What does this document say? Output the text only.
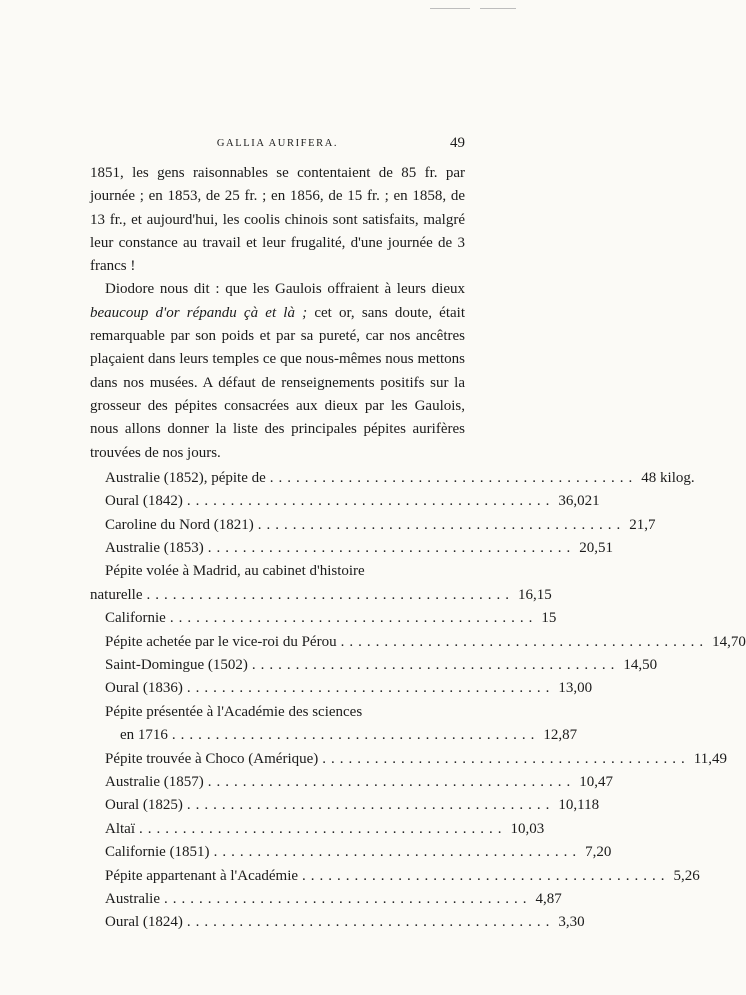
GALLIA AURIFERA.	49

1851, les gens raisonnables se contentaient de 85 fr. par journée ; en 1853, de 25 fr. ; en 1856, de 15 fr. ; en 1858, de 13 fr., et aujourd'hui, les coolis chinois sont satisfaits, malgré leur constance au travail et leur frugalité, d'une journée de 3 francs !

Diodore nous dit : que les Gaulois offraient à leurs dieux beaucoup d'or répandu çà et là ; cet or, sans doute, était remarquable par son poids et par sa pureté, car nos ancêtres plaçaient dans leurs temples ce que nous-mêmes nous mettons dans nos musées. A défaut de renseignements positifs sur la grosseur des pépites consacrées aux dieux par les Gaulois, nous allons donner la liste des principales pépites aurifères trouvées de nos jours.

Australie (1852), pépite de .......................................... 48 kilog.
Oural (1842) .......................................... 36,021
Caroline du Nord (1821) .......................................... 21,7
Australie (1853) .......................................... 20,51
Pépite volée à Madrid, au cabinet d'histoire
naturelle .......................................... 16,15
Californie .......................................... 15
Pépite achetée par le vice-roi du Pérou .......................................... 14,70
Saint-Domingue (1502) .......................................... 14,50
Oural (1836) .......................................... 13,00
Pépite présentée à l'Académie des sciences
en 1716 .......................................... 12,87
Pépite trouvée à Choco (Amérique) .......................................... 11,49
Australie (1857) .......................................... 10,47
Oural (1825) .......................................... 10,118
Altaï .......................................... 10,03
Californie (1851) .......................................... 7,20
Pépite appartenant à l'Académie .......................................... 5,26
Australie .......................................... 4,87
Oural (1824) .......................................... 3,30
